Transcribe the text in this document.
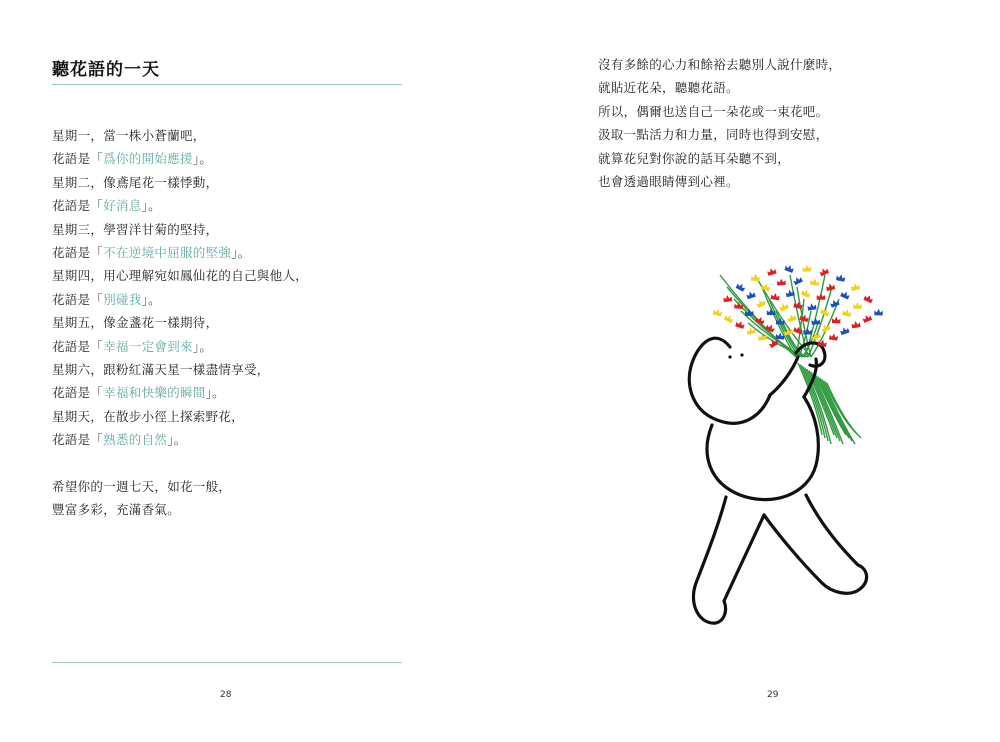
聽花語的一天
星期一，當一株小蒼蘭吧，
花語是「爲你的開始應援」。
星期二，像鳶尾花一樣悸動，
花語是「好消息」。
星期三，學習洋甘菊的堅持，
花語是「不在逆境中屈服的堅強」。
星期四，用心理解宛如鳳仙花的自己與他人，
花語是「別碰我」。
星期五，像金盞花一樣期待，
花語是「幸福一定會到來」。
星期六，跟粉紅滿天星一樣盡情享受，
花語是「幸福和快樂的瞬間」。
星期天，在散步小徑上探索野花，
花語是「熟悉的自然」。
希望你的一週七天，如花一般，
豐富多彩，充滿香氣。
28
沒有多餘的心力和餘裕去聽別人說什麼時，
就貼近花朵，聽聽花語。
所以，偶爾也送自己一朵花或一束花吧。
汲取一點活力和力量，同時也得到安慰，
就算花兒對你說的話耳朵聽不到，
也會透過眼睛傳到心裡。
29
